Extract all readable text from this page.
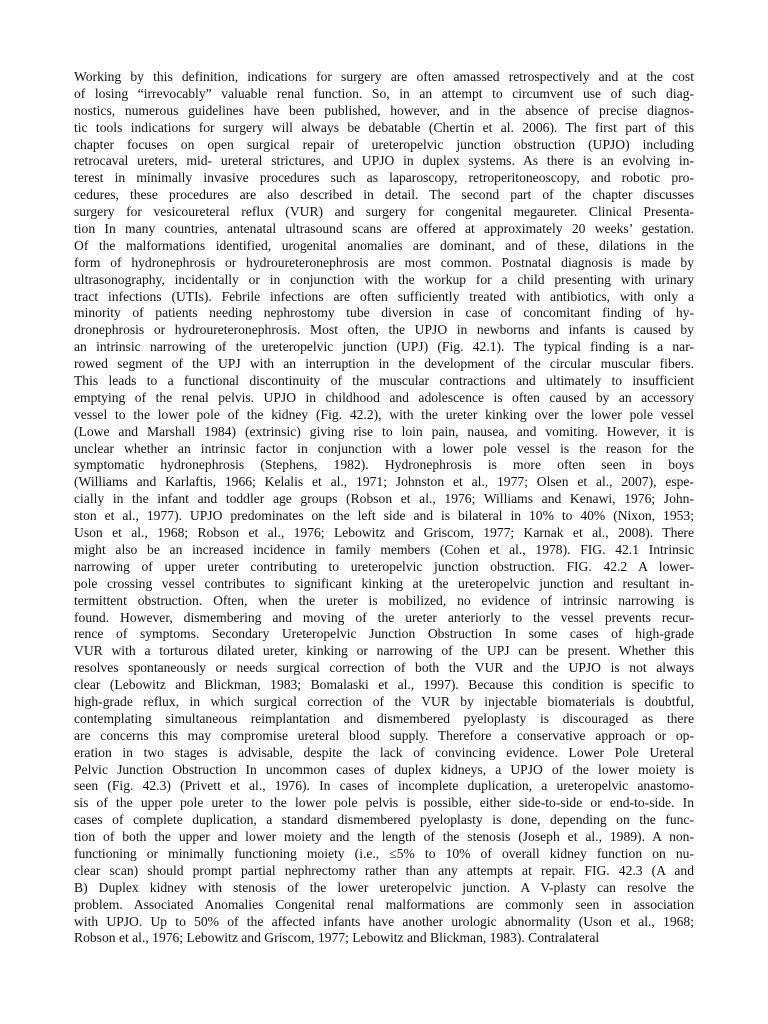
Working by this definition, indications for surgery are often amassed retrospectively and at the cost
of losing “irrevocably” valuable renal function. So, in an attempt to circumvent use of such diag-
nostics, numerous guidelines have been published, however, and in the absence of precise diagnos-
tic tools indications for surgery will always be debatable (Chertin et al. 2006). The first part of this
chapter focuses on open surgical repair of ureteropelvic junction obstruction (UPJO) including
retrocaval ureters, mid- ureteral strictures, and UPJO in duplex systems. As there is an evolving in-
terest in minimally invasive procedures such as laparoscopy, retroperitoneoscopy, and robotic pro-
cedures, these procedures are also described in detail. The second part of the chapter discusses
surgery for vesicoureteral reflux (VUR) and surgery for congenital megaureter. Clinical Presenta-
tion In many countries, antenatal ultrasound scans are offered at approximately 20 weeks’ gestation.
Of the malformations identified, urogenital anomalies are dominant, and of these, dilations in the
form of hydronephrosis or hydroureteronephrosis are most common. Postnatal diagnosis is made by
ultrasonography, incidentally or in conjunction with the workup for a child presenting with urinary
tract infections (UTIs). Febrile infections are often sufficiently treated with antibiotics, with only a
minority of patients needing nephrostomy tube diversion in case of concomitant finding of hy-
dronephrosis or hydroureteronephrosis. Most often, the UPJO in newborns and infants is caused by
an intrinsic narrowing of the ureteropelvic junction (UPJ) (Fig. 42.1). The typical finding is a nar-
rowed segment of the UPJ with an interruption in the development of the circular muscular fibers.
This leads to a functional discontinuity of the muscular contractions and ultimately to insufficient
emptying of the renal pelvis. UPJO in childhood and adolescence is often caused by an accessory
vessel to the lower pole of the kidney (Fig. 42.2), with the ureter kinking over the lower pole vessel
(Lowe and Marshall 1984) (extrinsic) giving rise to loin pain, nausea, and vomiting. However, it is
unclear whether an intrinsic factor in conjunction with a lower pole vessel is the reason for the
symptomatic hydronephrosis (Stephens, 1982). Hydronephrosis is more often seen in boys
(Williams and Karlaftis, 1966; Kelalis et al., 1971; Johnston et al., 1977; Olsen et al., 2007), espe-
cially in the infant and toddler age groups (Robson et al., 1976; Williams and Kenawi, 1976; John-
ston et al., 1977). UPJO predominates on the left side and is bilateral in 10% to 40% (Nixon, 1953;
Uson et al., 1968; Robson et al., 1976; Lebowitz and Griscom, 1977; Karnak et al., 2008). There
might also be an increased incidence in family members (Cohen et al., 1978). FIG. 42.1 Intrinsic
narrowing of upper ureter contributing to ureteropelvic junction obstruction. FIG. 42.2 A lower-
pole crossing vessel contributes to significant kinking at the ureteropelvic junction and resultant in-
termittent obstruction. Often, when the ureter is mobilized, no evidence of intrinsic narrowing is
found. However, dismembering and moving of the ureter anteriorly to the vessel prevents recur-
rence of symptoms. Secondary Ureteropelvic Junction Obstruction In some cases of high-grade
VUR with a torturous dilated ureter, kinking or narrowing of the UPJ can be present. Whether this
resolves spontaneously or needs surgical correction of both the VUR and the UPJO is not always
clear (Lebowitz and Blickman, 1983; Bomalaski et al., 1997). Because this condition is specific to
high-grade reflux, in which surgical correction of the VUR by injectable biomaterials is doubtful,
contemplating simultaneous reimplantation and dismembered pyeloplasty is discouraged as there
are concerns this may compromise ureteral blood supply. Therefore a conservative approach or op-
eration in two stages is advisable, despite the lack of convincing evidence. Lower Pole Ureteral
Pelvic Junction Obstruction In uncommon cases of duplex kidneys, a UPJO of the lower moiety is
seen (Fig. 42.3) (Privett et al., 1976). In cases of incomplete duplication, a ureteropelvic anastomo-
sis of the upper pole ureter to the lower pole pelvis is possible, either side-to-side or end-to-side. In
cases of complete duplication, a standard dismembered pyeloplasty is done, depending on the func-
tion of both the upper and lower moiety and the length of the stenosis (Joseph et al., 1989). A non-
functioning or minimally functioning moiety (i.e., ≤5% to 10% of overall kidney function on nu-
clear scan) should prompt partial nephrectomy rather than any attempts at repair. FIG. 42.3 (A and
B) Duplex kidney with stenosis of the lower ureteropelvic junction. A V-plasty can resolve the
problem. Associated Anomalies Congenital renal malformations are commonly seen in association
with UPJO. Up to 50% of the affected infants have another urologic abnormality (Uson et al., 1968;
Robson et al., 1976; Lebowitz and Griscom, 1977; Lebowitz and Blickman, 1983). Contralateral
